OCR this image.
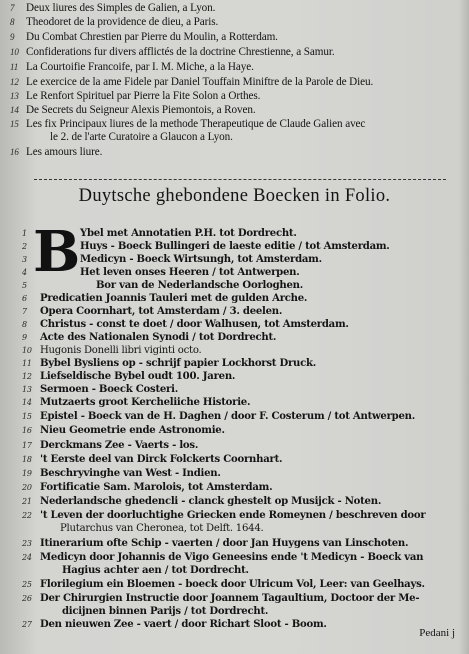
7 Deux liures des Simples de Galien, a Lyon.
8 Theodoret de la providence de dieu, a Paris.
9 Du Combat Chrestien par Pierre du Moulin, a Rotterdam.
10 Confiderations fur divers afflictés de la doctrine Chrestienne, a Samur.
11 La Courtoifie Francoife, par I. M. Miche, a la Haye.
12 Le exercice de la ame Fidele par Daniel Touffain Miniftre de la Parole de Dieu.
13 Le Renfort Spirituel par Pierre la Fite Solon a Orthes.
14 De Secrets du Seigneur Alexis Piemontois, a Roven.
15 Les fix Principaux liures de la methode Therapeutique de Claude Galien avec
le 2. de l'arte Curatoire a Glaucon a Lyon.
16 Les amours liure.
Duytsche ghebondene Boecken in Folio.
B
1	Ybel met Annotatien P.H. tot Dordrecht.
2	Huys - Boeck Bullingeri de laeste editie / tot Amsterdam.
3	Medicyn - Boeck Wirtsungh, tot Amsterdam.
4	Het leven onses Heeren / tot Antwerpen.
5	Bor van de Nederlandsche Oorloghen.
6 Predicatien Joannis Tauleri met de gulden Arche.
7 Opera Coornhart, tot Amsterdam / 3. deelen.
8 Christus - const te doet / door Walhusen, tot Amsterdam.
9 Acte des Nationalen Synodi / tot Dordrecht.
10 Hugonis Donelli libri viginti octo.
11 Bybel Bysliens op - schrijf papier Lockhorst Druck.
12 Liefseldische Bybel oudt 100. Jaren.
13 Sermoen - Boeck Costeri.
14 Mutzaerts groot Kercheliiche Historie.
15 Epistel - Boeck van de H. Daghen / door F. Costerum / tot Antwerpen.
16 Nieu Geometrie ende Astronomie.
17 Derckmans Zee - Vaerts - los.
18 't Eerste deel van Dirck Folckerts Coornhart.
19 Beschryvinghe van West - Indien.
20 Fortificatie Sam. Marolois, tot Amsterdam.
21 Nederlandsche ghedencli - clanck ghestelt op Musijck - Noten.
22 't Leven der doorluchtighe Griecken ende Romeynen / beschreven door
Plutarchus van Cheronea, tot Delft. 1644.
23 Itinerarium ofte Schip - vaerten / door Jan Huygens van Linschoten.
24 Medicyn door Johannis de Vigo Geneesins ende 't Medicyn - Boeck van
Hagius achter aen / tot Dordrecht.
25 Florilegium ein Bloemen - boeck door Ulricum Vol, Leer: van Geelhays.
26 Der Chirurgien Instructie door Joannem Tagaultium, Doctoor der Me-
dicijnen binnen Parijs / tot Dordrecht.
27 Den nieuwen Zee - vaert / door Richart Sloot - Boom.
Pedani j
